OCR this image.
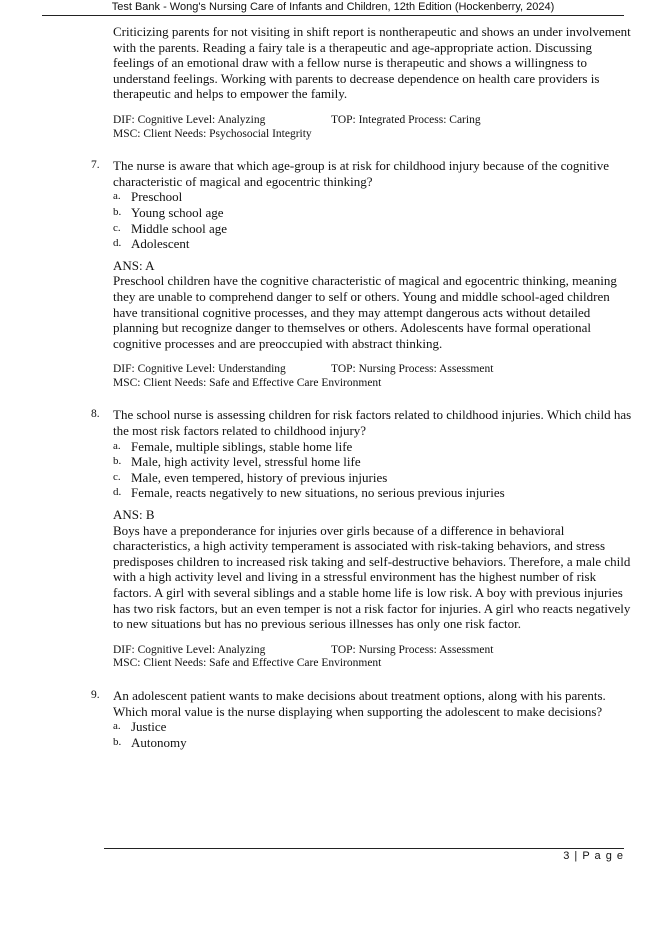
Test Bank - Wong's Nursing Care of Infants and Children, 12th Edition (Hockenberry, 2024)
Criticizing parents for not visiting in shift report is nontherapeutic and shows an under involvement with the parents. Reading a fairy tale is a therapeutic and age-appropriate action. Discussing feelings of an emotional draw with a fellow nurse is therapeutic and shows a willingness to understand feelings. Working with parents to decrease dependence on health care providers is therapeutic and helps to empower the family.
DIF: Cognitive Level: Analyzing	TOP: Integrated Process: Caring
MSC: Client Needs: Psychosocial Integrity
7. The nurse is aware that which age-group is at risk for childhood injury because of the cognitive characteristic of magical and egocentric thinking?
a. Preschool
b. Young school age
c. Middle school age
d. Adolescent
ANS: A
Preschool children have the cognitive characteristic of magical and egocentric thinking, meaning they are unable to comprehend danger to self or others. Young and middle school-aged children have transitional cognitive processes, and they may attempt dangerous acts without detailed planning but recognize danger to themselves or others. Adolescents have formal operational cognitive processes and are preoccupied with abstract thinking.
DIF: Cognitive Level: Understanding	TOP: Nursing Process: Assessment
MSC: Client Needs: Safe and Effective Care Environment
8. The school nurse is assessing children for risk factors related to childhood injuries. Which child has the most risk factors related to childhood injury?
a. Female, multiple siblings, stable home life
b. Male, high activity level, stressful home life
c. Male, even tempered, history of previous injuries
d. Female, reacts negatively to new situations, no serious previous injuries
ANS: B
Boys have a preponderance for injuries over girls because of a difference in behavioral characteristics, a high activity temperament is associated with risk-taking behaviors, and stress predisposes children to increased risk taking and self-destructive behaviors. Therefore, a male child with a high activity level and living in a stressful environment has the highest number of risk factors. A girl with several siblings and a stable home life is low risk. A boy with previous injuries has two risk factors, but an even temper is not a risk factor for injuries. A girl who reacts negatively to new situations but has no previous serious illnesses has only one risk factor.
DIF: Cognitive Level: Analyzing	TOP: Nursing Process: Assessment
MSC: Client Needs: Safe and Effective Care Environment
9. An adolescent patient wants to make decisions about treatment options, along with his parents. Which moral value is the nurse displaying when supporting the adolescent to make decisions?
a. Justice
b. Autonomy
3 | P a g e
